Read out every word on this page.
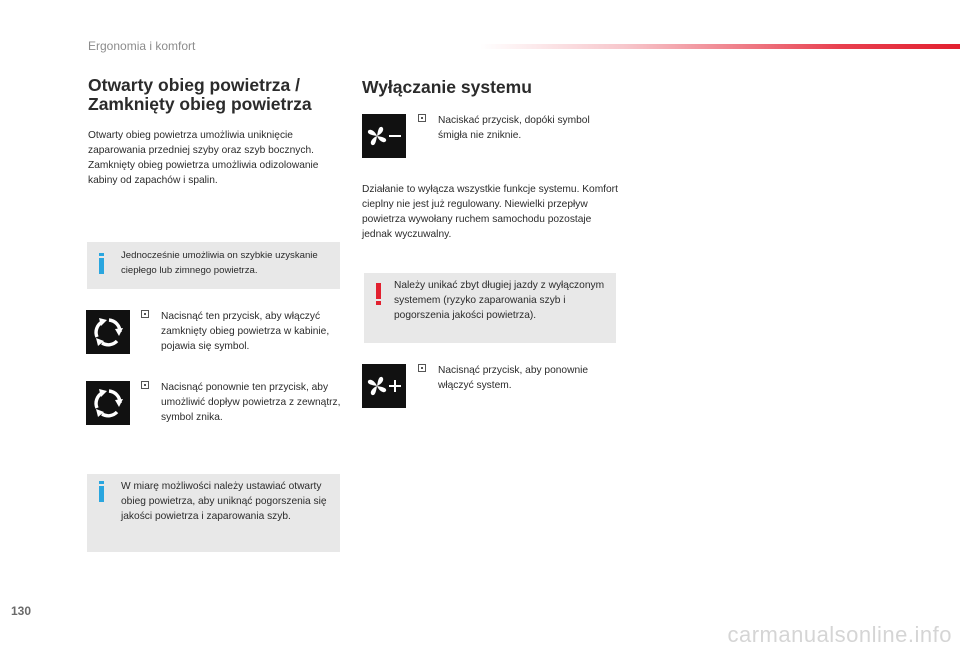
Ergonomia i komfort
Otwarty obieg powietrza /
Zamknięty obieg powietrza

Otwarty obieg powietrza umożliwia uniknięcie zaparowania przedniej szyby oraz szyb bocznych.

Zamknięty obieg powietrza umożliwia odizolowanie kabiny od zapachów i spalin.

Jednocześnie umożliwia on szybkie uzyskanie ciepłego lub zimnego powietrza.
Nacisnąć ten przycisk, aby włączyć zamknięty obieg powietrza w kabinie, pojawia się symbol.
Nacisnąć ponownie ten przycisk, aby umożliwić dopływ powietrza z zewnątrz, symbol znika.
W miarę możliwości należy ustawiać otwarty obieg powietrza, aby uniknąć pogorszenia się jakości powietrza i zaparowania szyb.
Wyłączanie systemu
Naciskać przycisk, dopóki symbol śmigła nie zniknie.

Działanie to wyłącza wszystkie funkcje systemu. Komfort cieplny nie jest już regulowany. Niewielki przepływ powietrza wywołany ruchem samochodu pozostaje jednak wyczuwalny.

Należy unikać zbyt długiej jazdy z wyłączonym systemem (ryzyko zaparowania szyb i pogorszenia jakości powietrza).
Nacisnąć przycisk, aby ponownie włączyć system.
130
carmanualsonline.info
